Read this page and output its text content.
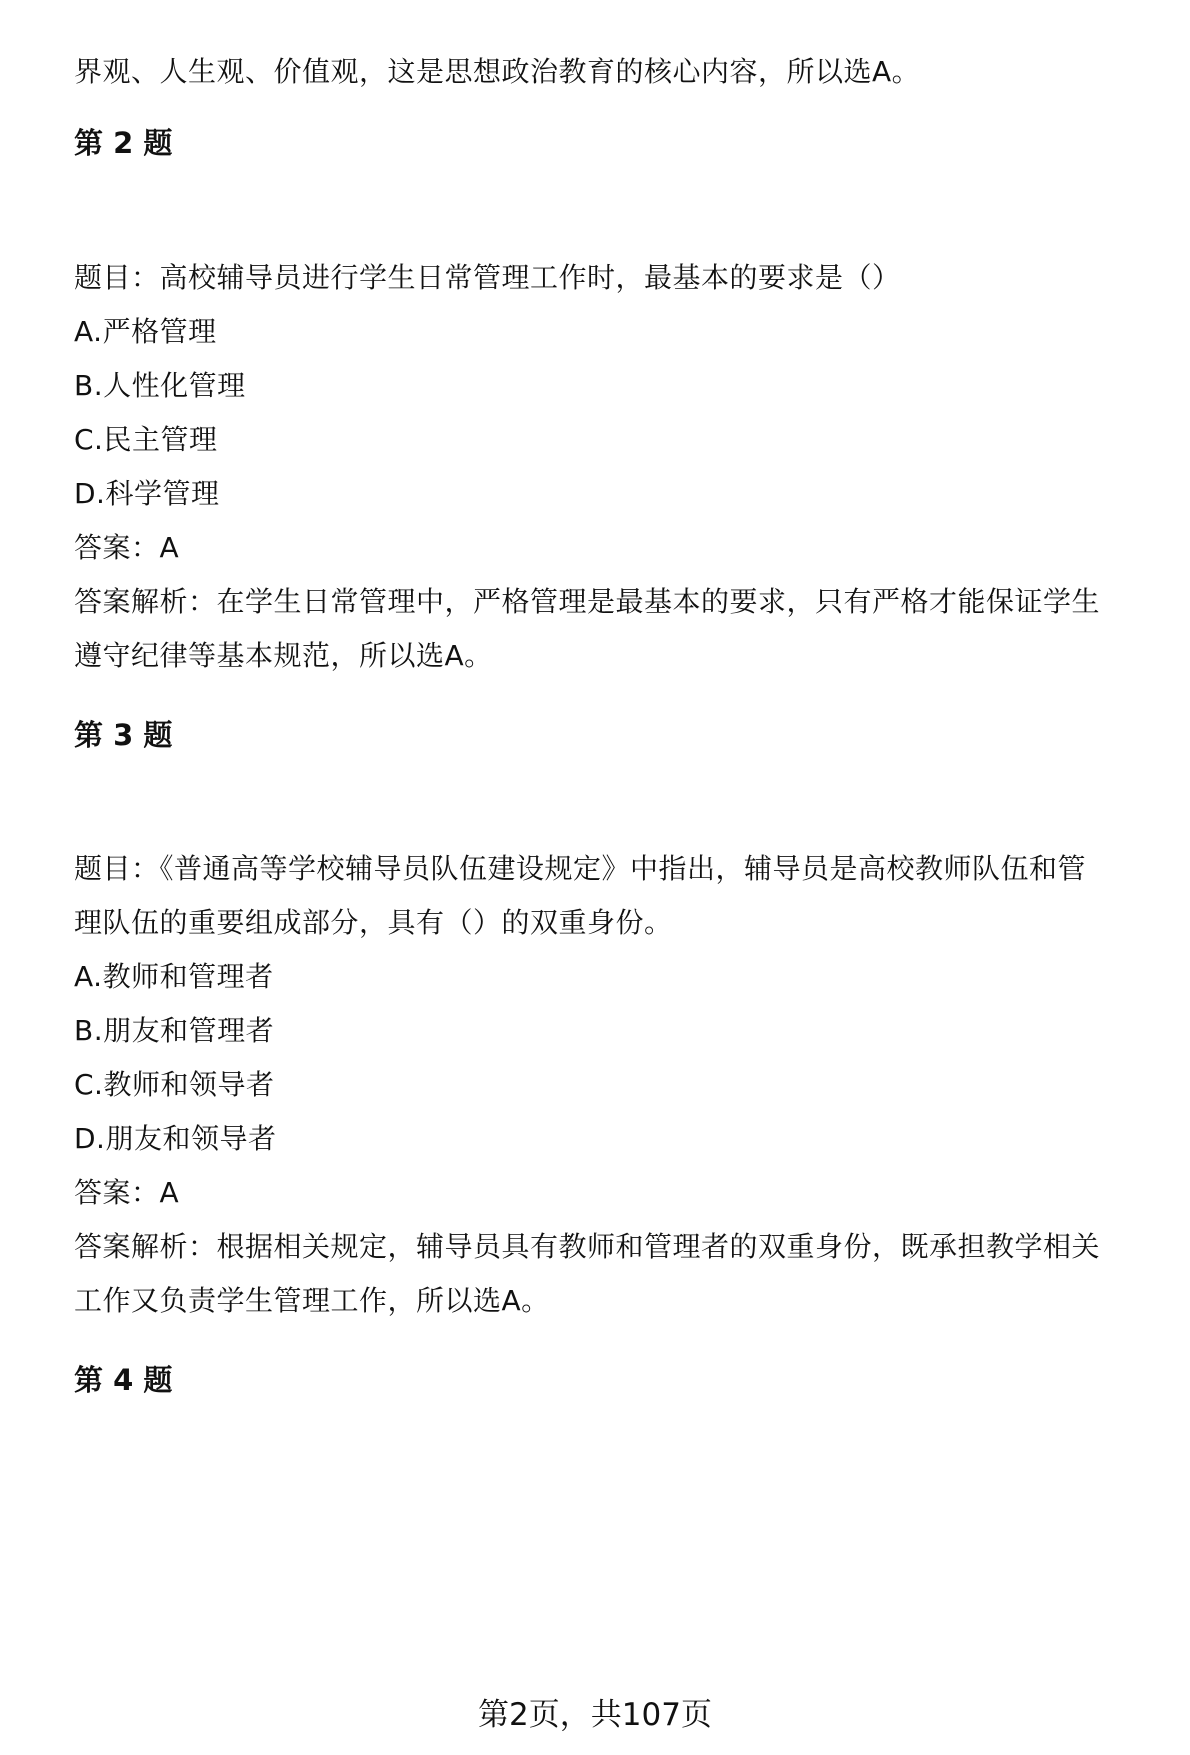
界观、人生观、价值观，这是思想政治教育的核心内容，所以选A。
第 2 题
题目：高校辅导员进行学生日常管理工作时，最基本的要求是（）
A.严格管理
B.人性化管理
C.民主管理
D.科学管理
答案：A
答案解析：在学生日常管理中，严格管理是最基本的要求，只有严格才能保证学生
遵守纪律等基本规范，所以选A。
第 3 题
题目：《普通高等学校辅导员队伍建设规定》中指出，辅导员是高校教师队伍和管
理队伍的重要组成部分，具有（）的双重身份。
A.教师和管理者
B.朋友和管理者
C.教师和领导者
D.朋友和领导者
答案：A
答案解析：根据相关规定，辅导员具有教师和管理者的双重身份，既承担教学相关
工作又负责学生管理工作，所以选A。
第 4 题
第2页，共107页
